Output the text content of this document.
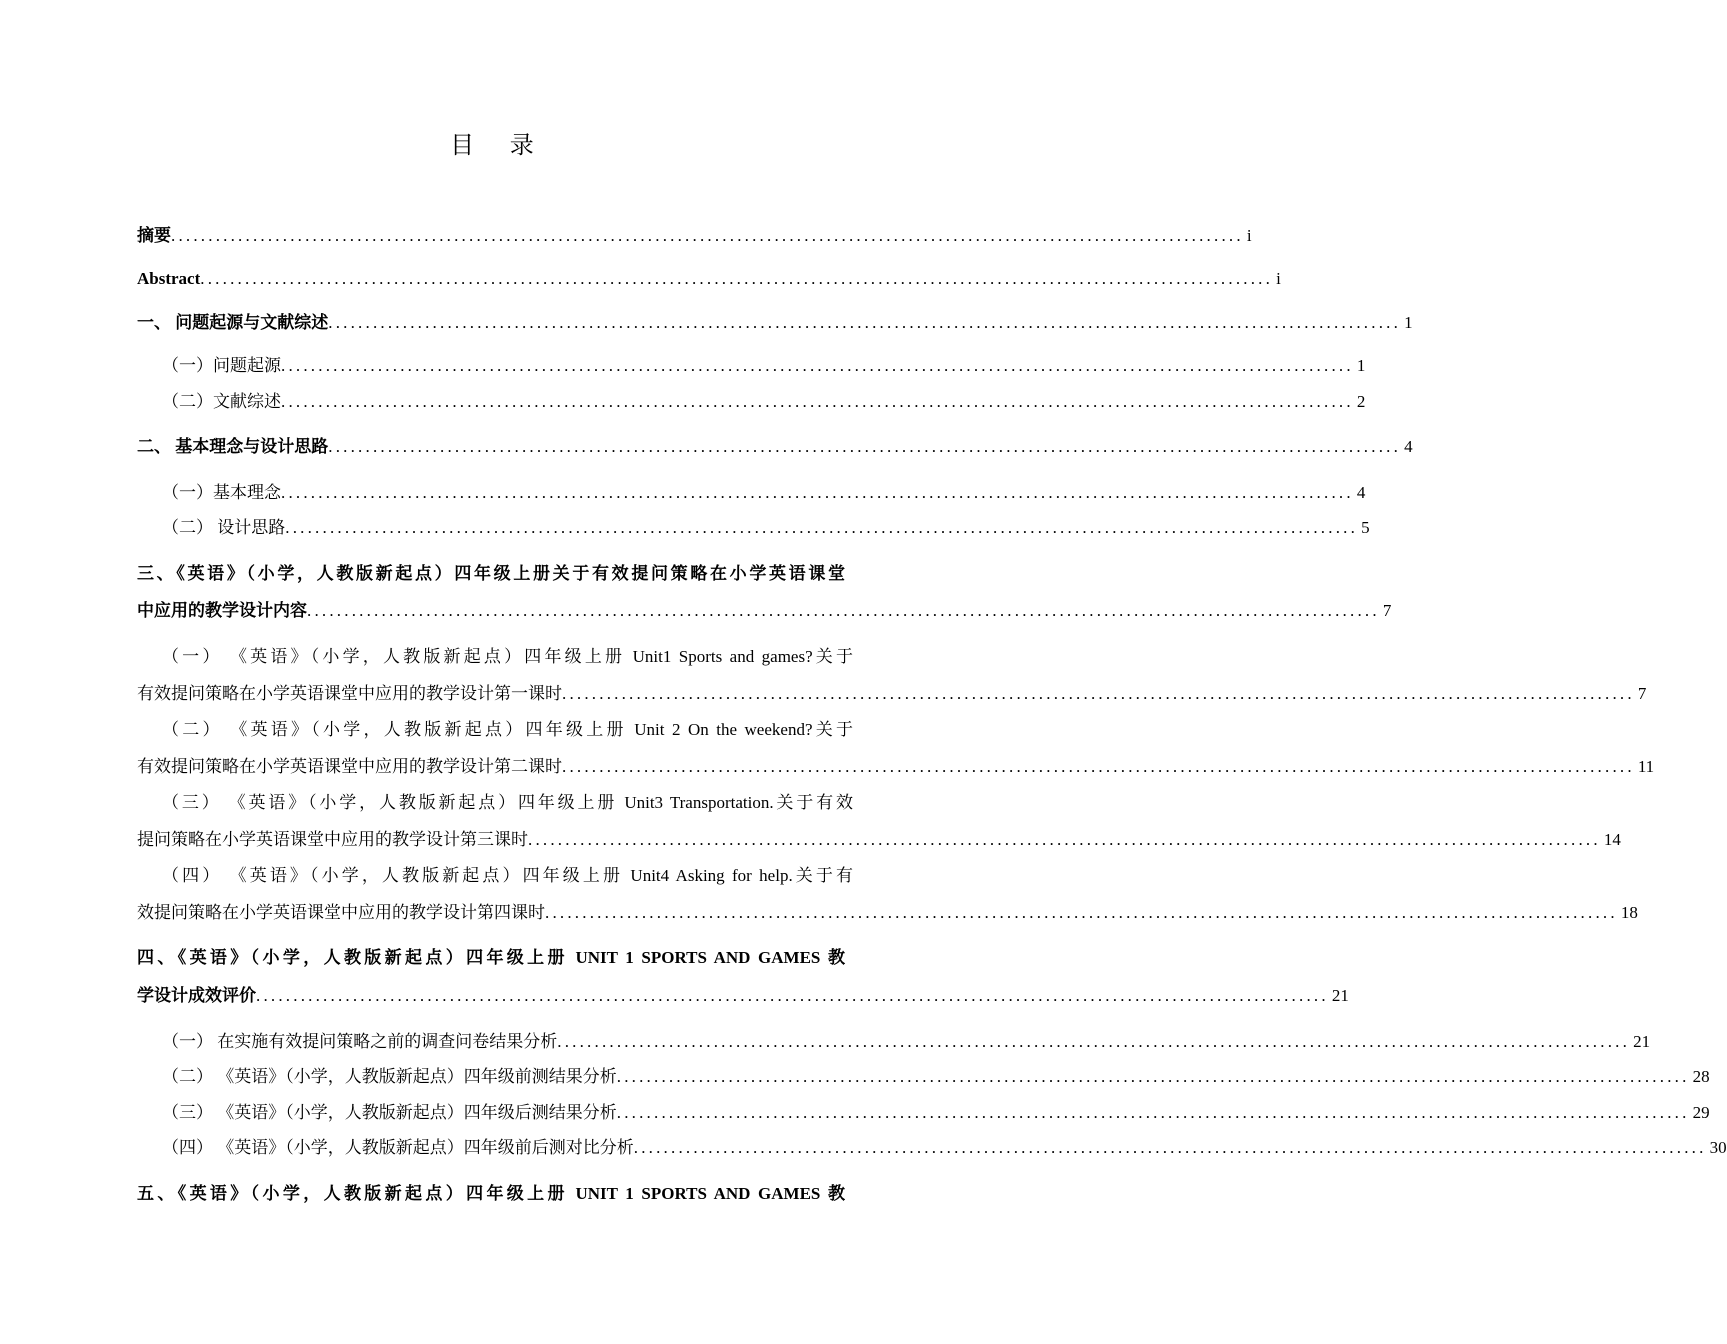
目 录
摘要 ................................................................................................................................................ i
Abstract ................................................................................................................................................ i
一、 问题起源与文献综述 ................................................................................................................................................ 1
（一）问题起源 ................................................................................................................................................ 1
（二）文献综述 ................................................................................................................................................ 2
二、 基本理念与设计思路 ................................................................................................................................................ 4
（一）基本理念 ................................................................................................................................................ 4
（二） 设计思路 ................................................................................................................................................ 5
三、《英语》（小学，人教版新起点）四年级上册关于有效提问策略在小学英语课堂
中应用的教学设计内容 ................................................................................................................................................ 7
（一） 《英语》（小学，人教版新起点）四年级上册 Unit1 Sports and games?关于
有效提问策略在小学英语课堂中应用的教学设计第一课时 ................................................................................................................................................ 7
（二） 《英语》（小学，人教版新起点）四年级上册 Unit 2 On the weekend?关于
有效提问策略在小学英语课堂中应用的教学设计第二课时 ................................................................................................................................................ 11
（三） 《英语》（小学，人教版新起点）四年级上册 Unit3 Transportation.关于有效
提问策略在小学英语课堂中应用的教学设计第三课时 ................................................................................................................................................ 14
（四） 《英语》（小学，人教版新起点）四年级上册 Unit4 Asking for help.关于有
效提问策略在小学英语课堂中应用的教学设计第四课时 ................................................................................................................................................ 18
四、《英语》（小学，人教版新起点）四年级上册 UNIT 1 SPORTS AND GAMES 教
学设计成效评价 ................................................................................................................................................ 21
（一） 在实施有效提问策略之前的调查问卷结果分析 ................................................................................................................................................ 21
（二） 《英语》（小学，人教版新起点）四年级前测结果分析 ................................................................................................................................................ 28
（三） 《英语》（小学，人教版新起点）四年级后测结果分析 ................................................................................................................................................ 29
（四） 《英语》（小学，人教版新起点）四年级前后测对比分析 ................................................................................................................................................ 30
五、《英语》（小学，人教版新起点）四年级上册 UNIT 1 SPORTS AND GAMES 教
